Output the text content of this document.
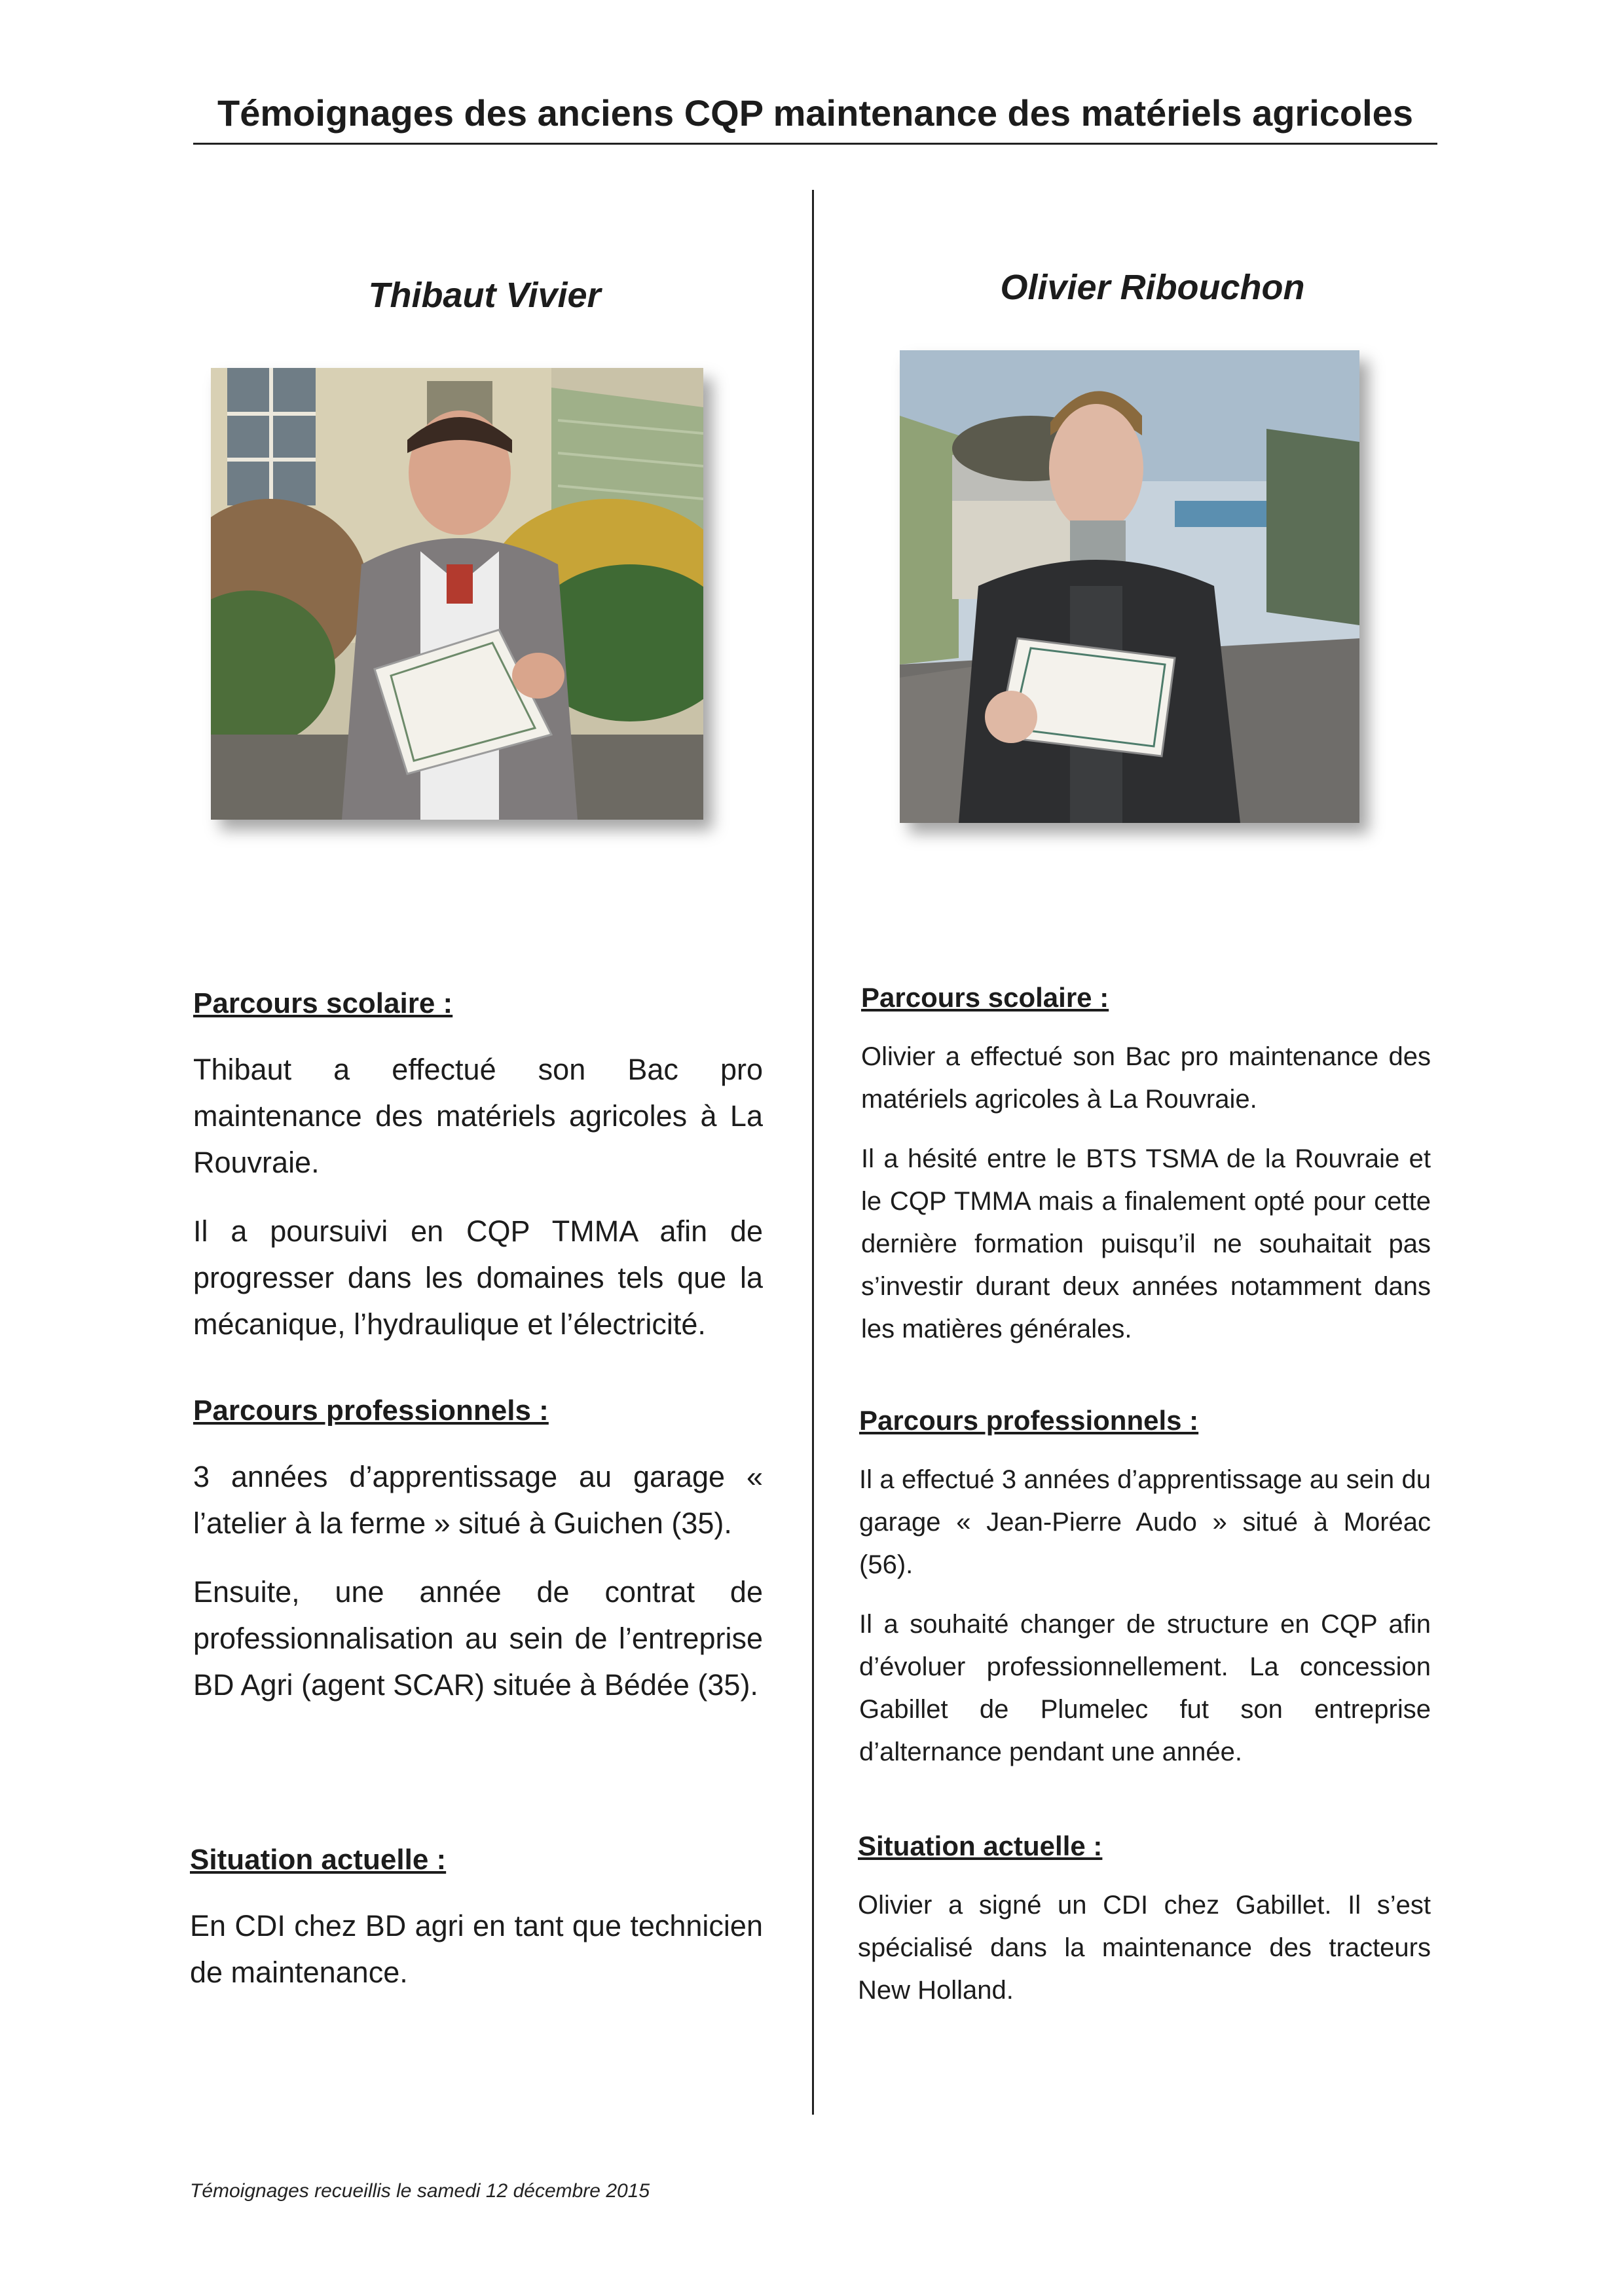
Témoignages des anciens CQP maintenance des matériels agricoles
Thibaut Vivier
Parcours scolaire :

Thibaut a effectué son Bac pro maintenance des matériels agricoles à La Rouvraie.

Il a poursuivi en CQP TMMA afin de progresser dans les domaines tels que la mécanique, l’hydraulique et l’électricité.

Parcours professionnels :

3 années d’apprentissage au garage « l’atelier à la ferme » situé à Guichen (35).

Ensuite, une année de contrat de professionnalisation au sein de l’entreprise BD Agri (agent SCAR) située à Bédée (35).

Situation actuelle :

En CDI chez BD agri en tant que technicien de maintenance.

Olivier Ribouchon
Parcours scolaire :

Olivier a effectué son Bac pro maintenance des matériels agricoles à La Rouvraie.

Il a hésité entre le BTS TSMA de la Rouvraie et le CQP TMMA mais a finalement opté pour cette dernière formation puisqu’il ne souhaitait pas s’investir durant deux années notamment dans les matières générales.

Parcours professionnels :

Il a effectué 3 années d’apprentissage au sein du garage « Jean-Pierre Audo » situé à Moréac (56).

Il a souhaité changer de structure en CQP afin d’évoluer professionnellement. La concession Gabillet de Plumelec fut son entreprise d’alternance pendant une année.

Situation actuelle :

Olivier a signé un CDI chez Gabillet. Il s’est spécialisé dans la maintenance des tracteurs New Holland.

Témoignages recueillis le samedi 12 décembre 2015
